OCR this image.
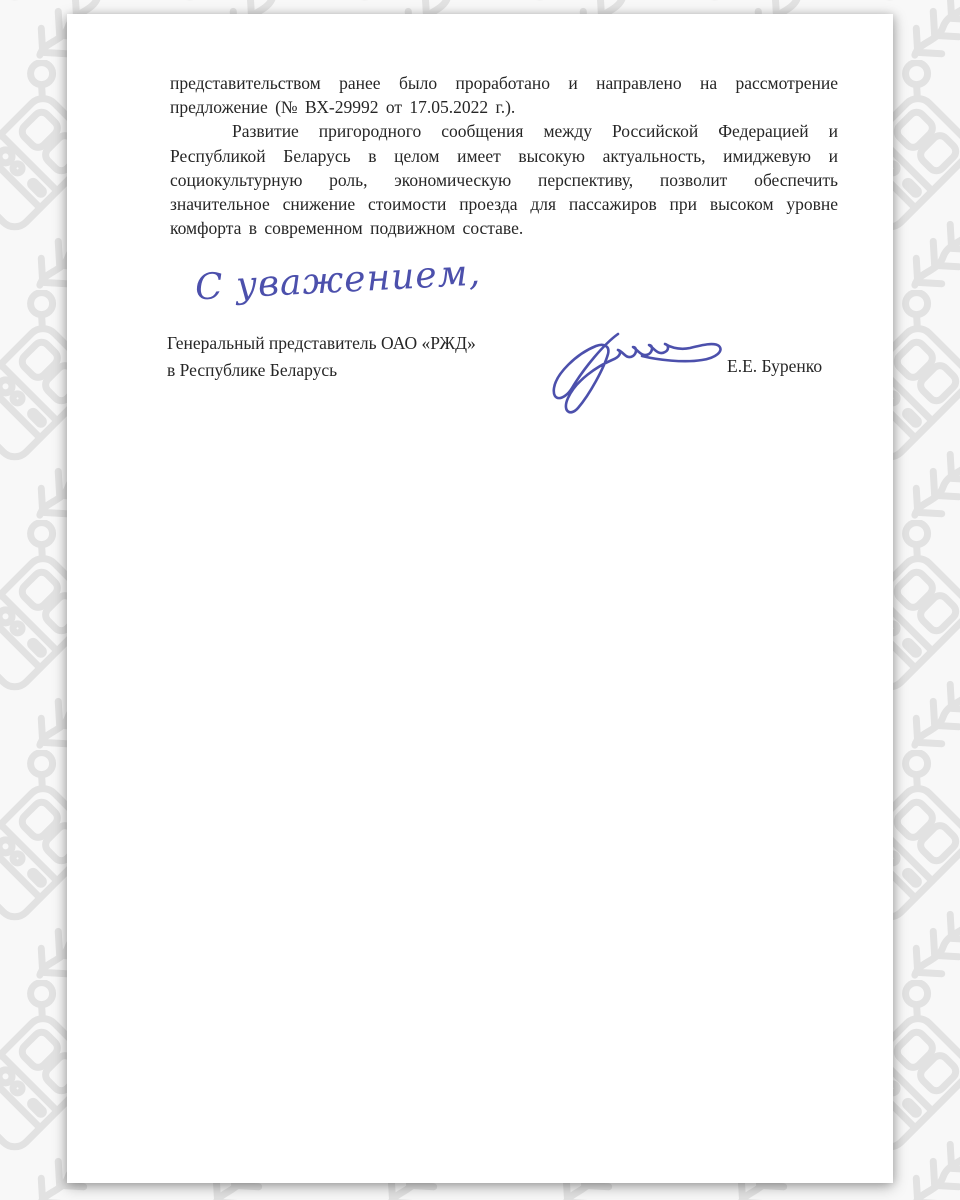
представительством ранее было проработано и направлено на рассмотрение предложение (№ ВХ-29992 от 17.05.2022 г.).

Развитие пригородного сообщения между Российской Федерацией и Республикой Беларусь в целом имеет высокую актуальность, имиджевую и социокультурную роль, экономическую перспективу, позволит обеспечить значительное снижение стоимости проезда для пассажиров при высоком уровне комфорта в современном подвижном составе.

С уважением,
Генеральный представитель ОАО «РЖД»
в Республике Беларусь	Е.Е. Буренко
